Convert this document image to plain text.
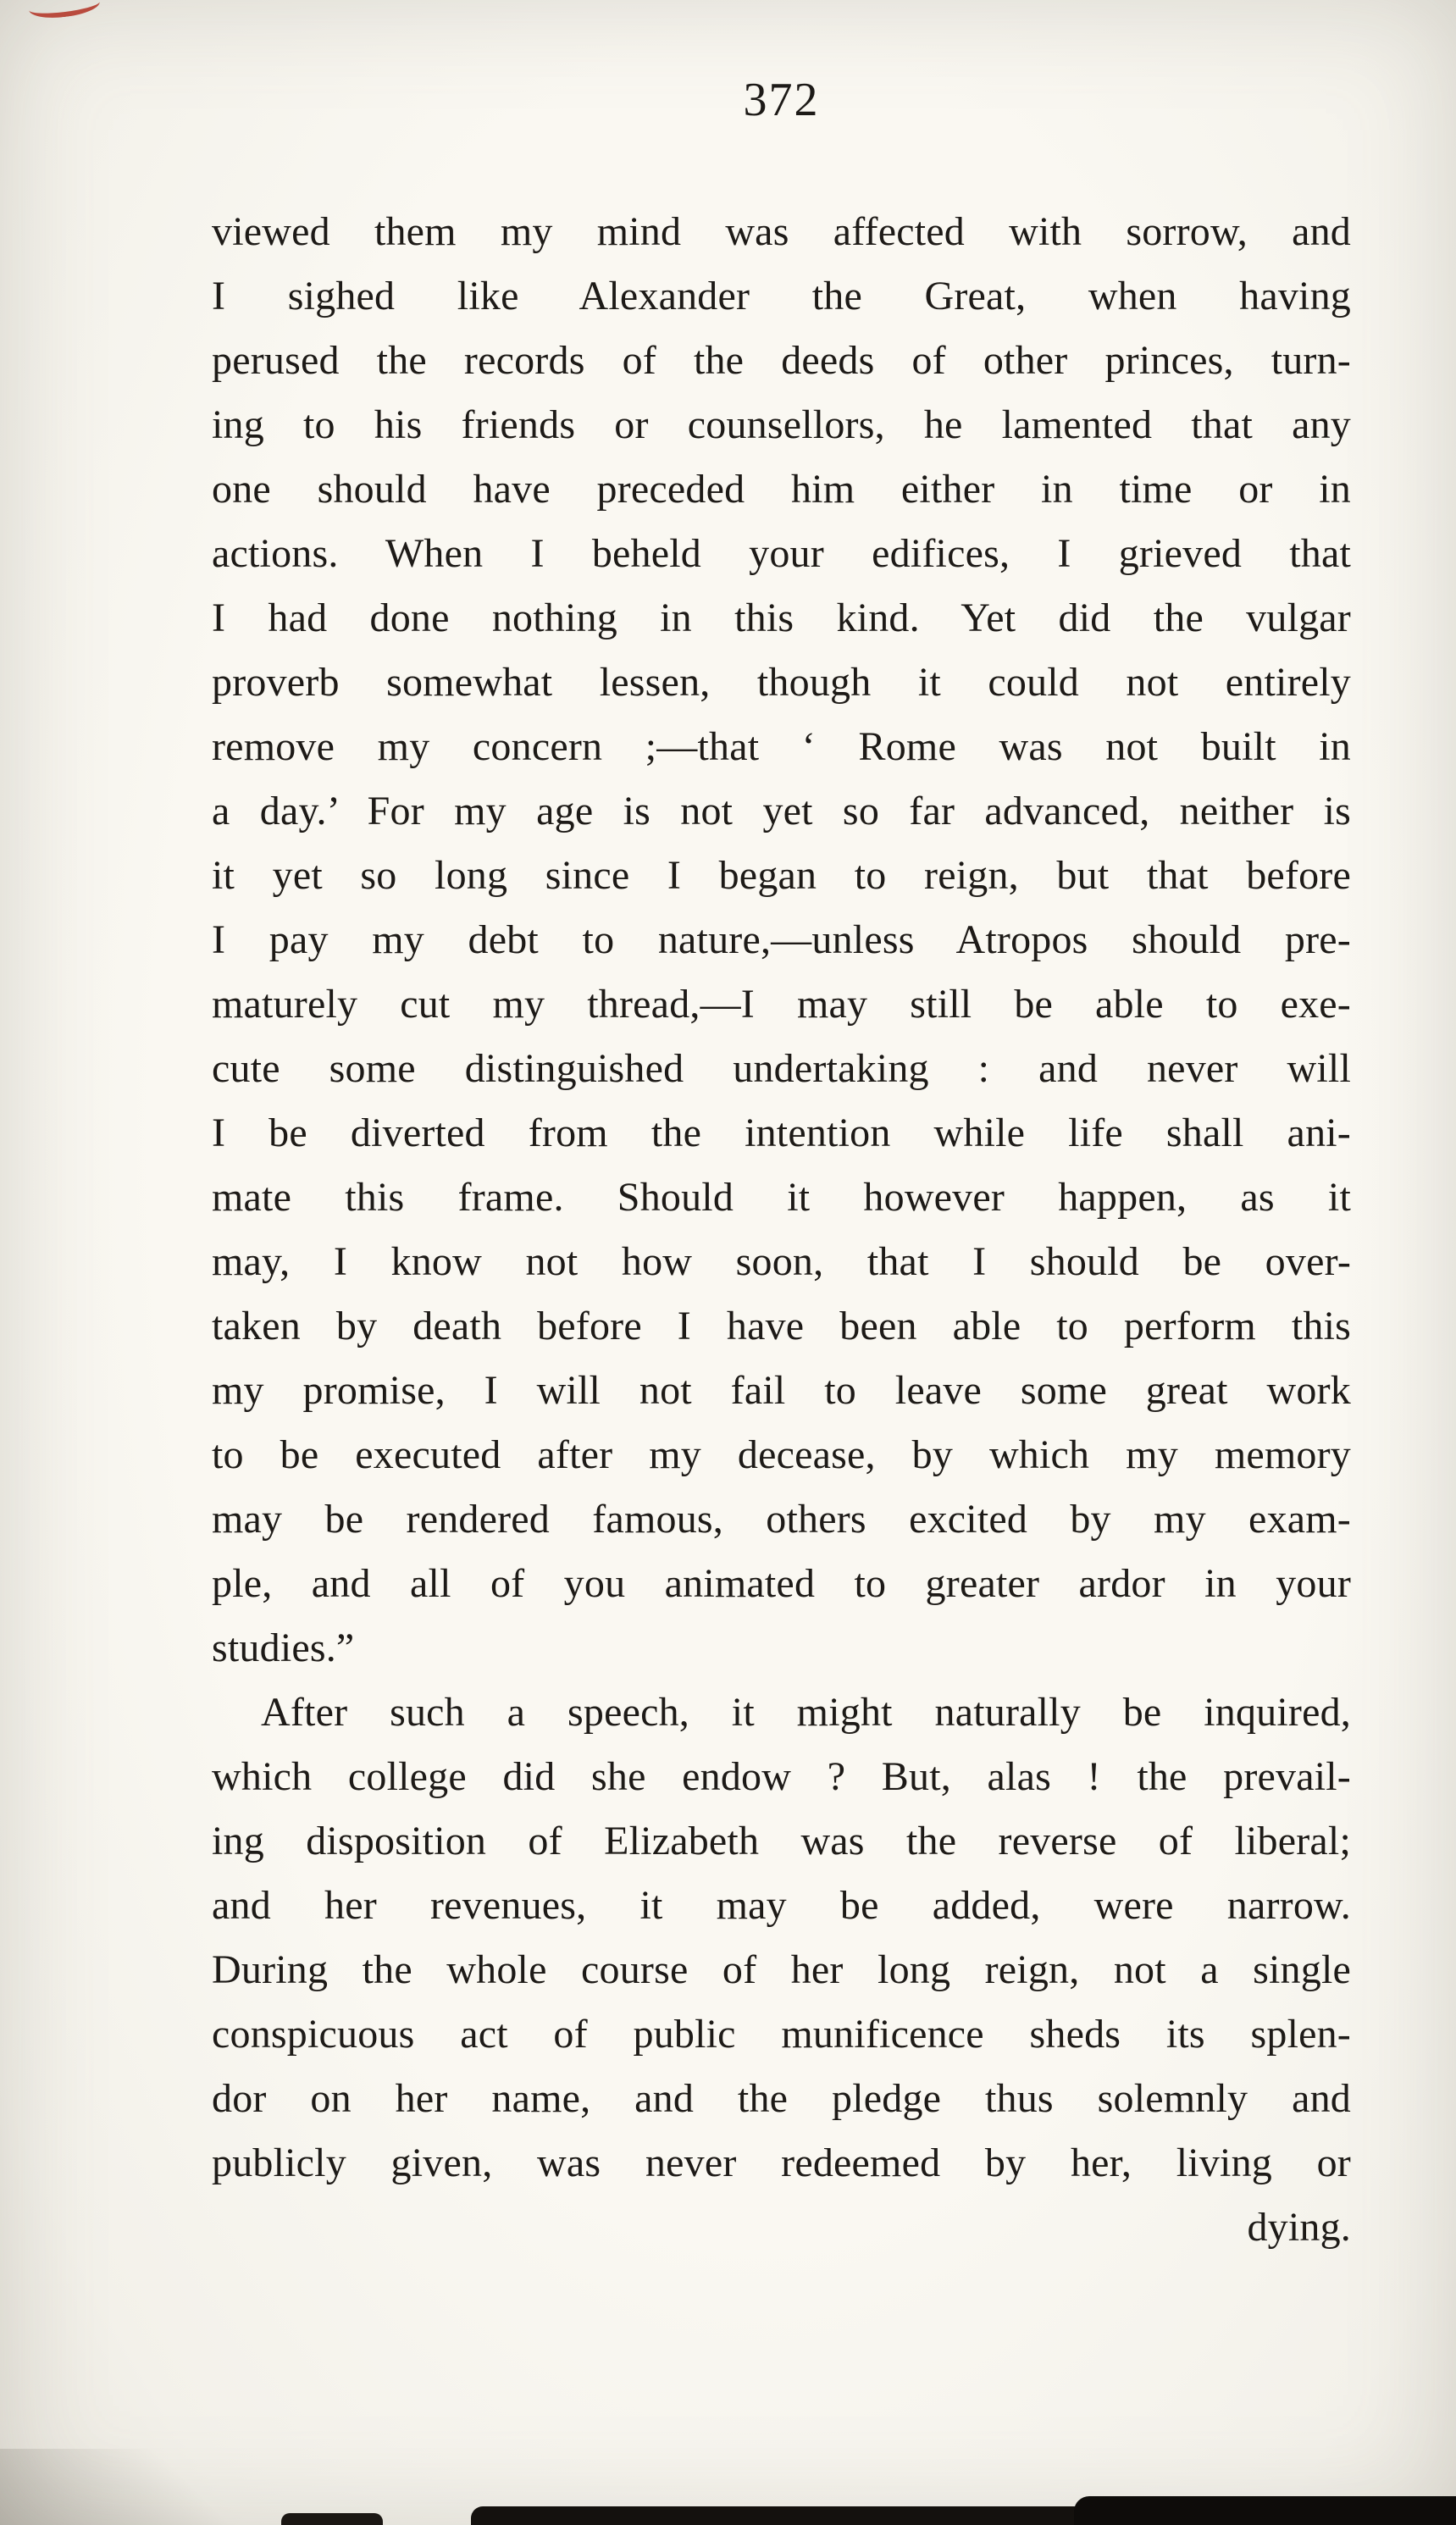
372
viewed them my mind was affected with sorrow, and
I sighed like Alexander the Great, when having
perused the records of the deeds of other princes, turn-
ing to his friends or counsellors, he lamented that any
one should have preceded him either in time or in
actions. When I beheld your edifices, I grieved that
I had done nothing in this kind. Yet did the vulgar
proverb somewhat lessen, though it could not entirely
remove my concern ;—that ‘ Rome was not built in
a day.’ For my age is not yet so far advanced, neither is
it yet so long since I began to reign, but that before
I pay my debt to nature,—unless Atropos should pre-
maturely cut my thread,—I may still be able to exe-
cute some distinguished undertaking : and never will
I be diverted from the intention while life shall ani-
mate this frame. Should it however happen, as it
may, I know not how soon, that I should be over-
taken by death before I have been able to perform this
my promise, I will not fail to leave some great work
to be executed after my decease, by which my memory
may be rendered famous, others excited by my exam-
ple, and all of you animated to greater ardor in your
studies.”
After such a speech, it might naturally be inquired,
which college did she endow ? But, alas ! the prevail-
ing disposition of Elizabeth was the reverse of liberal;
and her revenues, it may be added, were narrow.
During the whole course of her long reign, not a single
conspicuous act of public munificence sheds its splen-
dor on her name, and the pledge thus solemnly and
publicly given, was never redeemed by her, living or
dying.
